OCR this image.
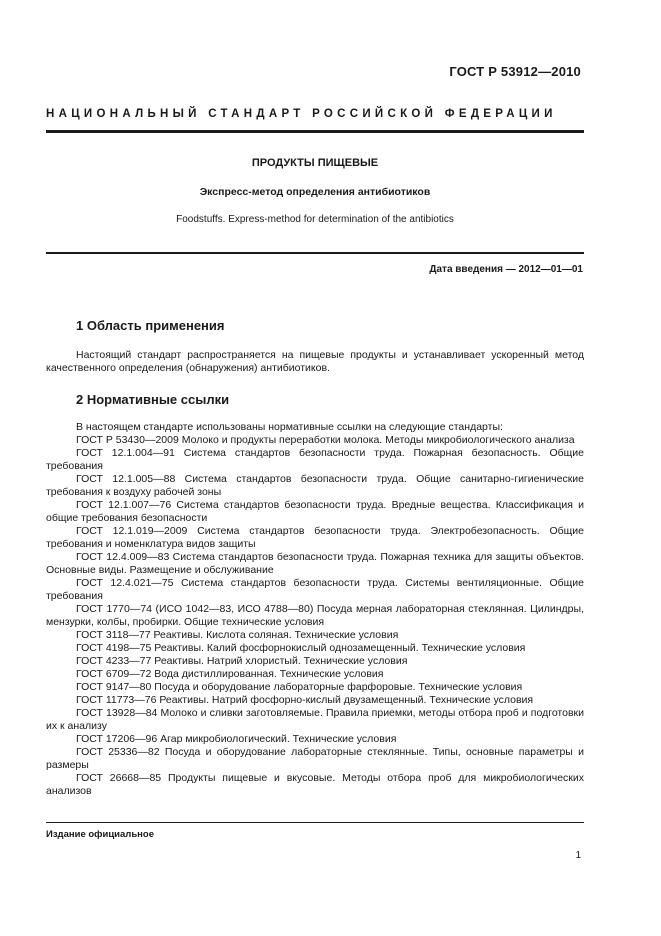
ГОСТ Р 53912—2010
НАЦИОНАЛЬНЫЙ СТАНДАРТ РОССИЙСКОЙ ФЕДЕРАЦИИ
ПРОДУКТЫ ПИЩЕВЫЕ
Экспресс-метод определения антибиотиков
Foodstuffs. Express-method for determination of the antibiotics
Дата введения — 2012—01—01
1 Область применения

Настоящий стандарт распространяется на пищевые продукты и устанавливает ускоренный метод качественного определения (обнаружения) антибиотиков.

2 Нормативные ссылки

В настоящем стандарте использованы нормативные ссылки на следующие стандарты:

ГОСТ Р 53430—2009 Молоко и продукты переработки молока. Методы микробиологического анализа

ГОСТ 12.1.004—91 Система стандартов безопасности труда. Пожарная безопасность. Общие требования

ГОСТ 12.1.005—88 Система стандартов безопасности труда. Общие санитарно-гигиенические требования к воздуху рабочей зоны

ГОСТ 12.1.007—76 Система стандартов безопасности труда. Вредные вещества. Классификация и общие требования безопасности

ГОСТ 12.1.019—2009 Система стандартов безопасности труда. Электробезопасность. Общие требования и номенклатура видов защиты

ГОСТ 12.4.009—83 Система стандартов безопасности труда. Пожарная техника для защиты объектов. Основные виды. Размещение и обслуживание

ГОСТ 12.4.021—75 Система стандартов безопасности труда. Системы вентиляционные. Общие требования

ГОСТ 1770—74 (ИСО 1042—83, ИСО 4788—80) Посуда мерная лабораторная стеклянная. Цилиндры, мензурки, колбы, пробирки. Общие технические условия

ГОСТ 3118—77 Реактивы. Кислота соляная. Технические условия

ГОСТ 4198—75 Реактивы. Калий фосфорнокислый однозамещенный. Технические условия

ГОСТ 4233—77 Реактивы. Натрий хлористый. Технические условия

ГОСТ 6709—72 Вода дистиллированная. Технические условия

ГОСТ 9147—80 Посуда и оборудование лабораторные фарфоровые. Технические условия

ГОСТ 11773—76 Реактивы. Натрий фосфорно-кислый двузамещенный. Технические условия

ГОСТ 13928—84 Молоко и сливки заготовляемые. Правила приемки, методы отбора проб и подготовки их к анализу

ГОСТ 17206—96 Агар микробиологический. Технические условия

ГОСТ 25336—82 Посуда и оборудование лабораторные стеклянные. Типы, основные параметры и размеры

ГОСТ 26668—85 Продукты пищевые и вкусовые. Методы отбора проб для микробиологических анализов

Издание официальное
1
